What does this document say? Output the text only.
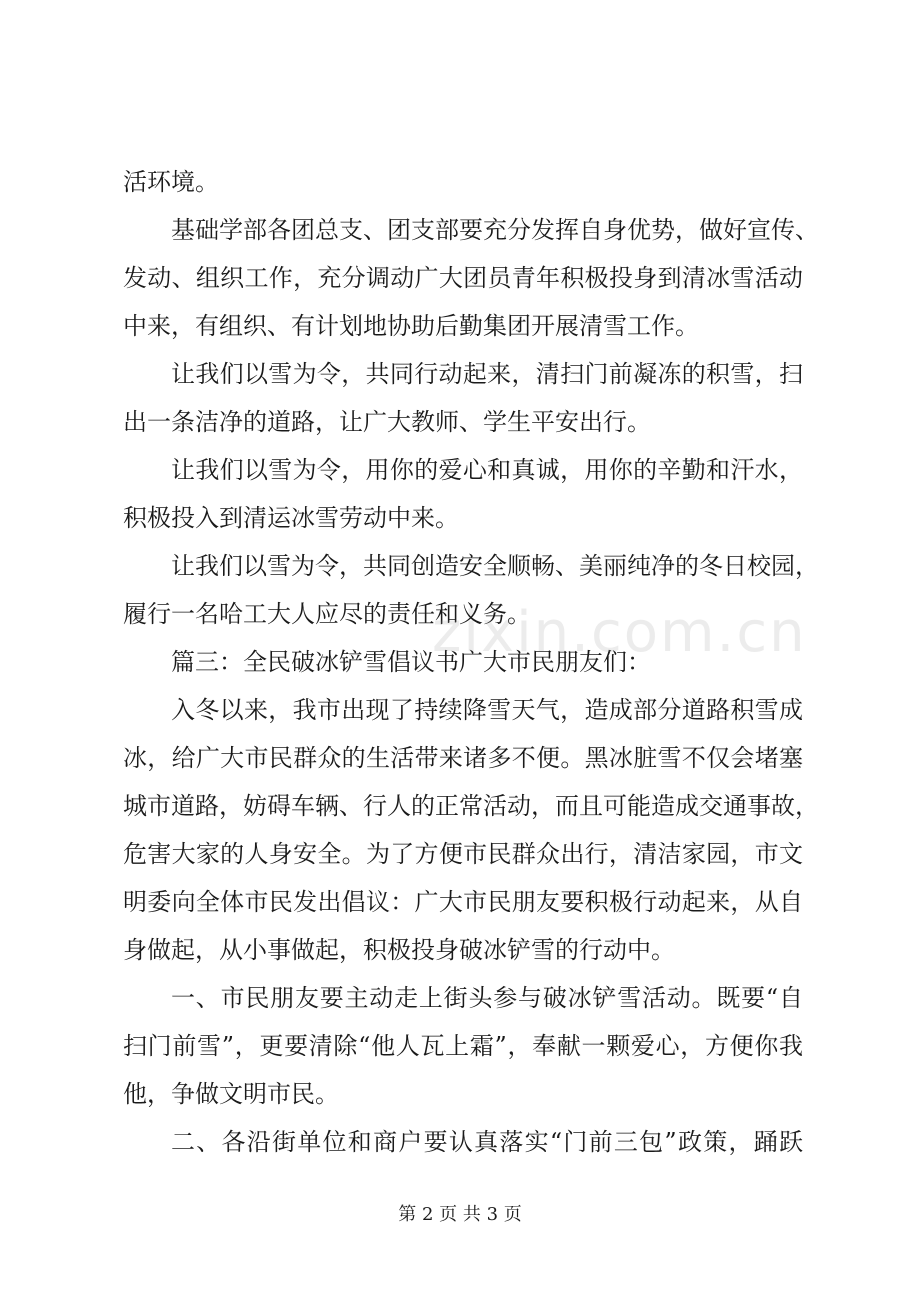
活环境。
基础学部各团总支、团支部要充分发挥自身优势，做好宣传、
发动、组织工作，充分调动广大团员青年积极投身到清冰雪活动
中来，有组织、有计划地协助后勤集团开展清雪工作。
让我们以雪为令，共同行动起来，清扫门前凝冻的积雪，扫
出一条洁净的道路，让广大教师、学生平安出行。
让我们以雪为令，用你的爱心和真诚，用你的辛勤和汗水，
积极投入到清运冰雪劳动中来。
让我们以雪为令，共同创造安全顺畅、美丽纯净的冬日校园，
履行一名哈工大人应尽的责任和义务。
篇三：全民破冰铲雪倡议书广大市民朋友们：
入冬以来，我市出现了持续降雪天气，造成部分道路积雪成
冰，给广大市民群众的生活带来诸多不便。黑冰脏雪不仅会堵塞
城市道路，妨碍车辆、行人的正常活动，而且可能造成交通事故，
危害大家的人身安全。为了方便市民群众出行，清洁家园，市文
明委向全体市民发出倡议：广大市民朋友要积极行动起来，从自
身做起，从小事做起，积极投身破冰铲雪的行动中。
一、市民朋友要主动走上街头参与破冰铲雪活动。既要“自
扫门前雪”，更要清除“他人瓦上霜”，奉献一颗爱心，方便你我
他，争做文明市民。
二、各沿街单位和商户要认真落实“门前三包”政策，踊跃
zixin.com.cn
第 2 页 共 3 页
